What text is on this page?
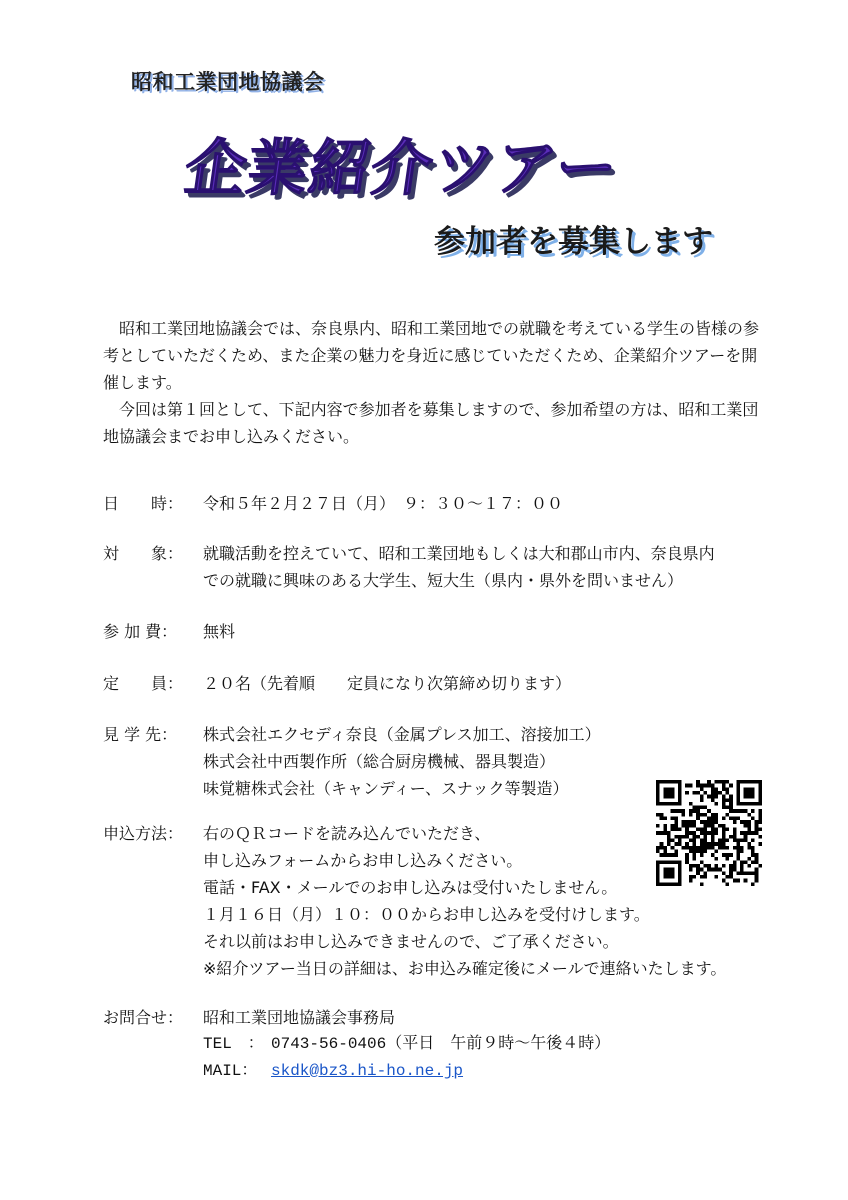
昭和工業団地協議会
企業紹介ツアー
参加者を募集します

昭和工業団地協議会では、奈良県内、昭和工業団地での就職を考えている学生の皆様の参考としていただくため、また企業の魅力を身近に感じていただくため、企業紹介ツアーを開催します。

今回は第１回として、下記内容で参加者を募集しますので、参加希望の方は、昭和工業団地協議会までお申し込みください。

日　　時：	令和５年２月２７日（月）　９：３０～１７：００
対　　象：	就職活動を控えていて、昭和工業団地もしくは大和郡山市内、奈良県内
での就職に興味のある大学生、短大生（県内・県外を問いません）
参 加 費：	無料
定　　員：	２０名（先着順　　定員になり次第締め切ります）
見 学 先：	株式会社エクセディ奈良（金属プレス加工、溶接加工）
株式会社中西製作所（総合厨房機械、器具製造）
味覚糖株式会社（キャンディー、スナック等製造）
申込方法：	右のＱＲコードを読み込んでいただき、
申し込みフォームからお申し込みください。
電話・FAX・メールでのお申し込みは受付いたしません。
１月１６日（月）１０：００からお申し込みを受付けします。
それ以前はお申し込みできませんので、ご了承ください。
※紹介ツアー当日の詳細は、お申込み確定後にメールで連絡いたします。
お問合せ：	昭和工業団地協議会事務局
TEL　： 0743-56-0406（平日　午前９時～午後４時）
MAIL： skdk@bz3.hi-ho.ne.jp
